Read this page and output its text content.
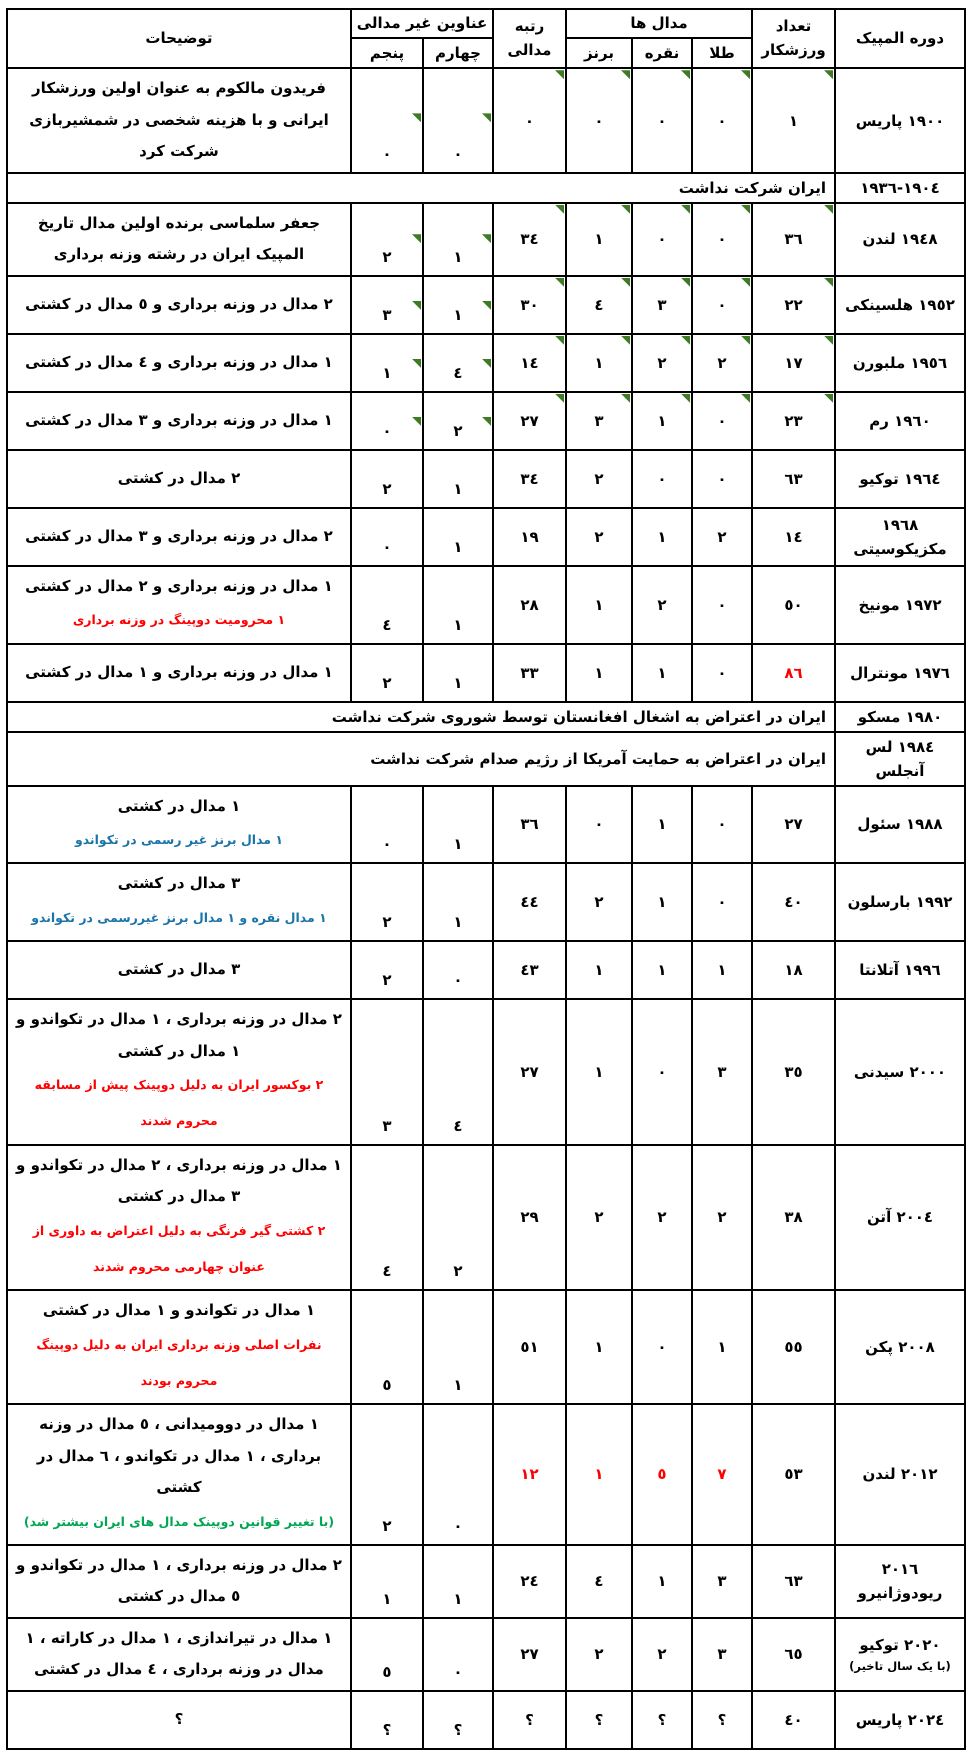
دوره المپیک	
تعداد
ورزشکار
	مدال ها	
رتبه
مدالی
	عناوین غیر مدالی	توضیحات
		طلا	نقره	برنز		چهارم	پنجم	

١٩٠٠ پاریس	١	٠	٠	٠	٠	٠	٠	فریدون مالکوم به عنوان اولین ورزشکار ایرانی و با هزینه شخصی در شمشیربازی شرکت کرد

١٩٠٤-١٩٣٦	ایران شرکت نداشت							

١٩٤٨ لندن	٣٦	٠	٠	١	٣٤	١	٢	جعفر سلماسی برنده اولین مدال تاریخ المپیک ایران در رشته وزنه برداری

١٩٥٢ هلسینکی	٢٢	٠	٣	٤	٣٠	١	٣	٢ مدال در وزنه برداری و ٥ مدال در کشتی

١٩٥٦ ملبورن	١٧	٢	٢	١	١٤	٤	١	١ مدال در وزنه برداری و ٤ مدال در کشتی

١٩٦٠ رم	٢٣	٠	١	٣	٢٧	٢	٠	١ مدال در وزنه برداری و ٣ مدال در کشتی

١٩٦٤ توکیو	٦٣	٠	٠	٢	٣٤	١	٢	٢ مدال در کشتی

١٩٦٨ مکزیکوسیتی	١٤	٢	١	٢	١٩	١	٠	٢ مدال در وزنه برداری و ٣ مدال در کشتی

١٩٧٢ مونیخ	٥٠	٠	٢	١	٢٨	١	٤	١ مدال در وزنه برداری و ٢ مدال در کشتی
١ محرومیت دوپینگ در وزنه برداری

١٩٧٦ مونترال	٨٦	٠	١	١	٣٣	١	٢	١ مدال در وزنه برداری و ١ مدال در کشتی

١٩٨٠ مسکو	ایران در اعتراض به اشغال افغانستان توسط شوروی شرکت نداشت							

١٩٨٤ لس آنجلس	ایران در اعتراض به حمایت آمریکا از رژیم صدام شرکت نداشت							

١٩٨٨ سئول	٢٧	٠	١	٠	٣٦	١	٠	١ مدال در کشتی
١ مدال برنز غیر رسمی در تکواندو

١٩٩٢ بارسلون	٤٠	٠	١	٢	٤٤	١	٢	٣ مدال در کشتی
١ مدال نقره و ١ مدال برنز غیررسمی در تکواندو

١٩٩٦ آتلانتا	١٨	١	١	١	٤٣	٠	٢	٣ مدال در کشتی

٢٠٠٠ سیدنی	٣٥	٣	٠	١	٢٧	٤	٣	٢ مدال در وزنه برداری ، ١ مدال در تکواندو و ١ مدال در کشتی
٢ بوکسور ایران به دلیل دوپینک پیش از مسابقه محروم شدند

٢٠٠٤ آتن	٣٨	٢	٢	٢	٢٩	٢	٤	١ مدال در وزنه برداری ، ٢ مدال در تکواندو و ٣ مدال در کشتی
٢ کشتی گیر فرنگی به دلیل اعتراض به داوری از عنوان چهارمی محروم شدند

٢٠٠٨ پکن	٥٥	١	٠	١	٥١	١	٥	١ مدال در تکواندو و ١ مدال در کشتی
نفرات اصلی وزنه برداری ایران به دلیل دوپینگ محروم بودند

٢٠١٢ لندن	٥٣	٧	٥	١	١٢	٠	٢	١ مدال در دوومیدانی ، ٥ مدال در وزنه برداری ، ١ مدال در تکواندو ، ٦ مدال در کشتی
(با تغییر قوانین دوپینک مدال های ایران بیشتر شد)

٢٠١٦ ریودوژانیرو	٦٣	٣	١	٤	٢٤	١	١	٢ مدال در وزنه برداری ، ١ مدال در تکواندو و ٥ مدال در کشتی

٢٠٢٠ توکیو
(با یک سال تاخیر)	٦٥	٣	٢	٢	٢٧	٠	٥	١ مدال در تیراندازی ، ١ مدال در کاراته ، ١ مدال در وزنه برداری ، ٤ مدال در کشتی

٢٠٢٤ پاریس	٤٠	؟	؟	؟	؟	؟	؟	؟
